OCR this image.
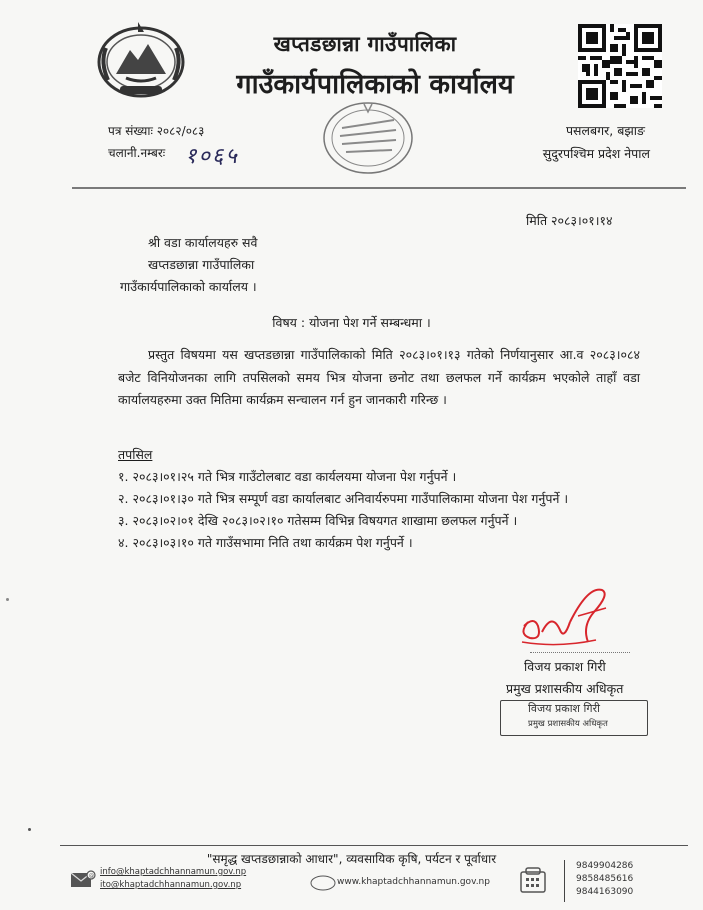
खप्तडछान्ना गाउँपालिका
गाउँकार्यपालिकाको कार्यालय
पत्र संख्याः २०८२/०८३
चलानी.नम्बरः १०६५
पसलबगर, बझाङ
सुदुरपश्चिम प्रदेश नेपाल
मिति २०८३।०१।१४
श्री वडा कार्यालयहरु सवै
खप्तडछान्ना गाउँपालिका
गाउँकार्यपालिकाको कार्यालय ।
विषय : योजना पेश गर्ने सम्बन्धमा ।
प्रस्तुत विषयमा यस खप्तडछान्ना गाउँपालिकाको मिति २०८३।०१।१३ गतेको निर्णयानुसार आ.व २०८३।०८४ बजेट विनियोजनका लागि तपसिलको समय भित्र योजना छनोट तथा छलफल गर्ने कार्यक्रम भएकोले ताहाँ वडा कार्यालयहरुमा उक्त मितिमा कार्यक्रम सन्चालन गर्न हुन जानकारी गरिन्छ ।
तपसिल
१. २०८३।०१।२५ गते भित्र गाउँटोलबाट वडा कार्यलयमा योजना पेश गर्नुपर्ने ।
२. २०८३।०१।३० गते भित्र सम्पूर्ण वडा कार्यालबाट अनिवार्यरुपमा गाउँपालिकामा योजना पेश गर्नुपर्ने ।
३. २०८३।०२।०१ देखि २०८३।०२।१० गतेसम्म विभिन्न विषयगत शाखामा छलफल गर्नुपर्ने ।
४. २०८३।०३।१० गते गाउँसभामा निति तथा कार्यक्रम पेश गर्नुपर्ने ।
विजय प्रकाश गिरी
प्रमुख प्रशासकीय अधिकृत
विजय प्रकाश गिरी
प्रमुख प्रशासकीय अधिकृत
"समृद्ध खप्तडछान्नाको आधार", व्यवसायिक कृषि, पर्यटन र पूर्वाधार
@ info@khaptadchhannamun.gov.np
ito@khaptadchhannamun.gov.np	www.khaptadchhannamun.gov.np
9849904286
9858485616
9844163090
